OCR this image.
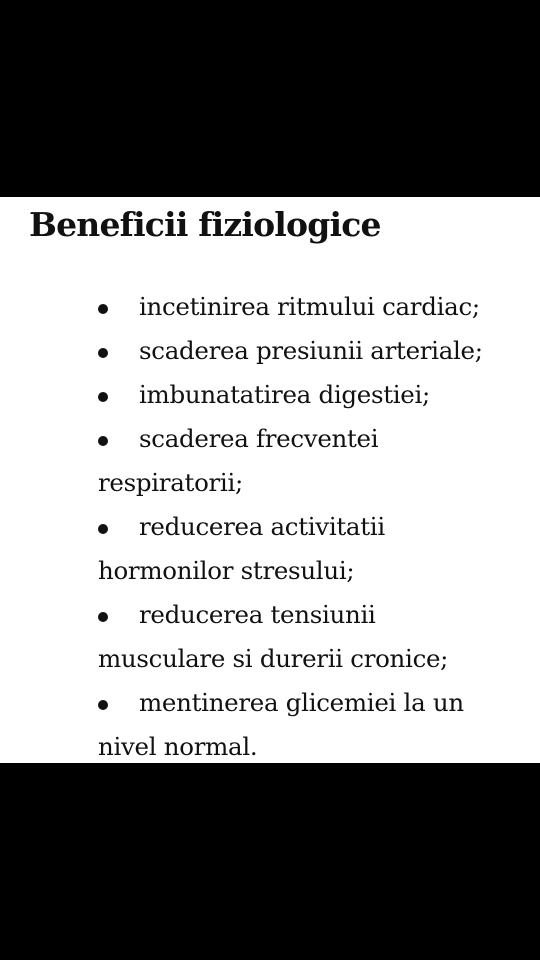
Beneficii fiziologice
incetinirea ritmului cardiac;
scaderea presiunii arteriale;
imbunatatirea digestiei;
scaderea frecventei
respiratorii;
reducerea activitatii
hormonilor stresului;
reducerea tensiunii
musculare si durerii cronice;
mentinerea glicemiei la un
nivel normal.
